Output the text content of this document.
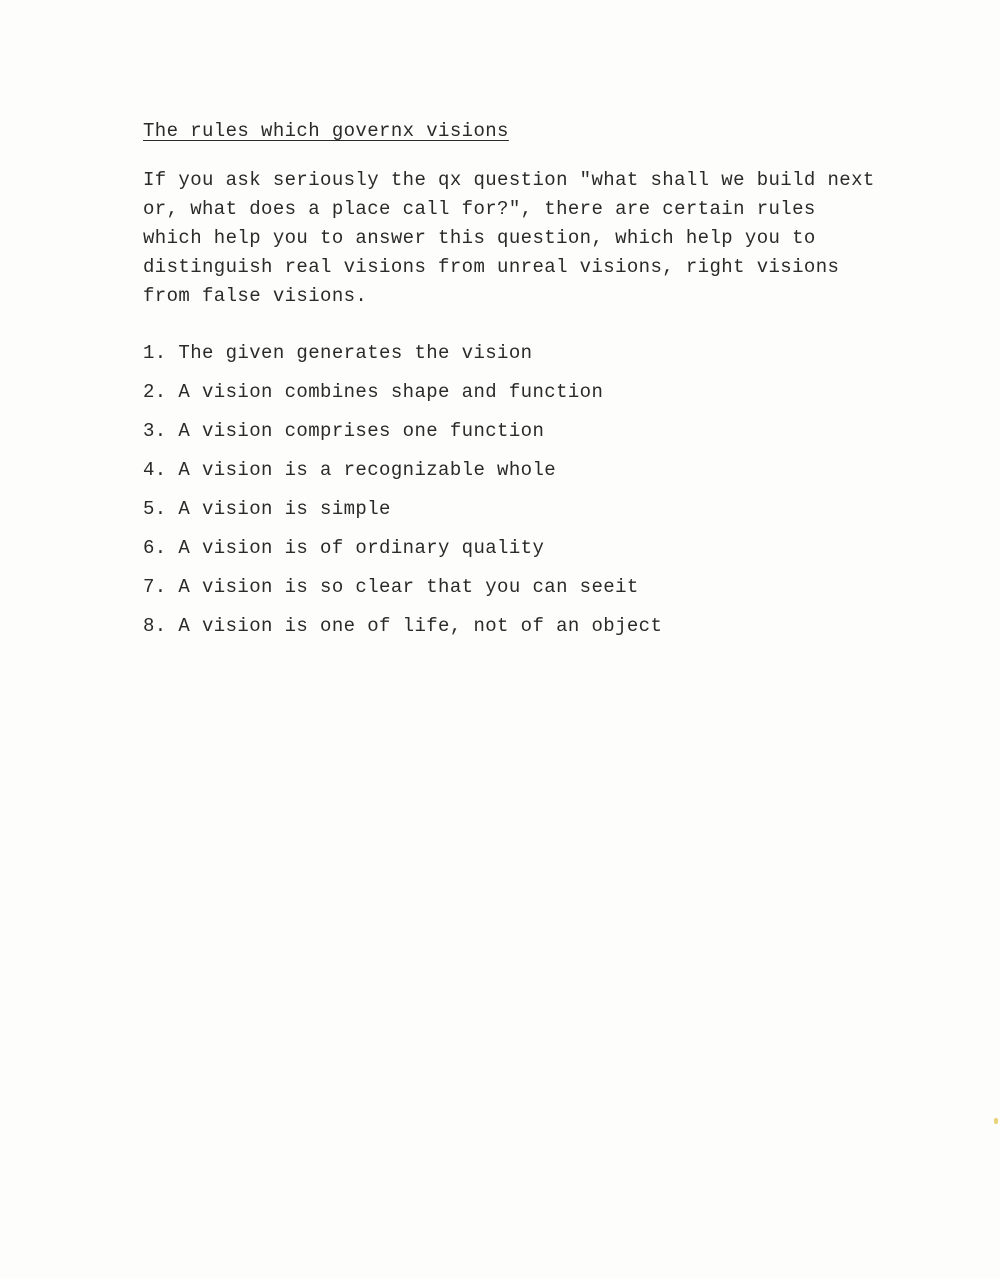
The rules which governx visions
If you ask seriously the qx question "what shall we build next
or, what does a place call for?", there are certain rules
which help you to answer this question, which help you to
distinguish real visions from unreal visions, right visions
from false visions.
1. The given generates the vision
2. A vision combines shape and function
3. A vision comprises one function
4. A vision is a recognizable whole
5. A vision is simple
6. A vision is of ordinary quality
7. A vision is so clear that you can seeit
8. A vision is one of life, not of an object
